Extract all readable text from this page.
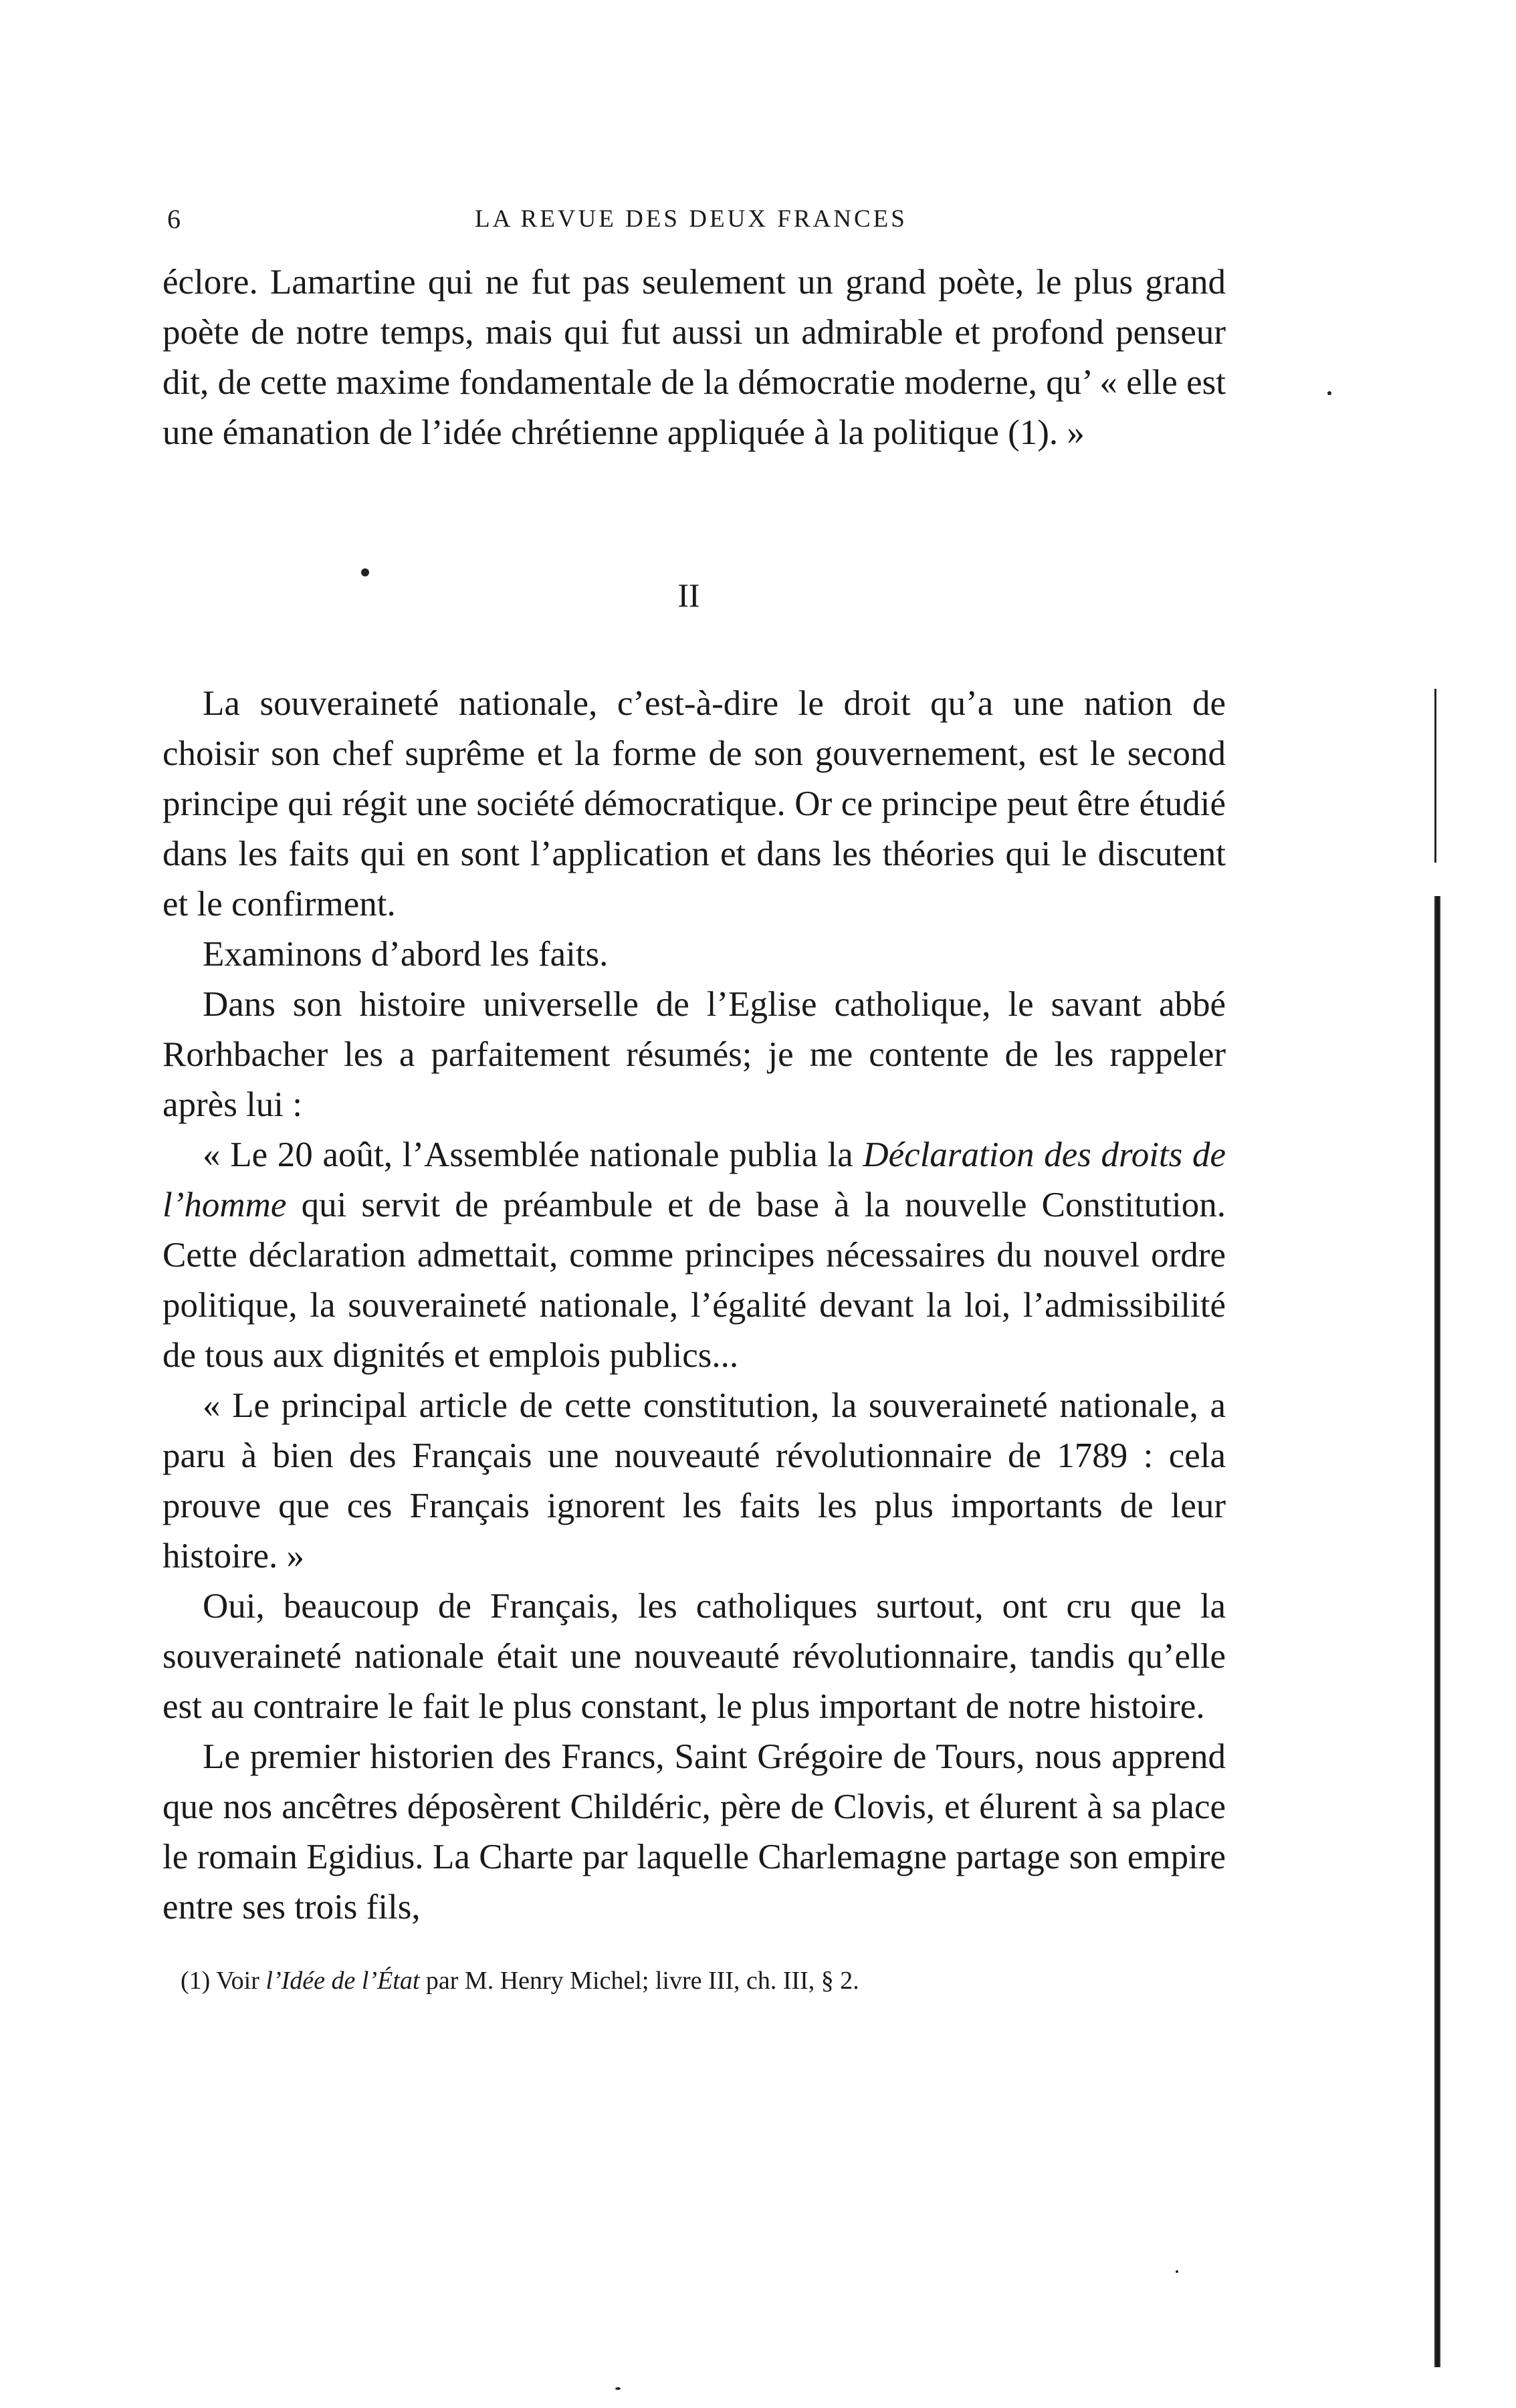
6	LA REVUE DES DEUX FRANCES

éclore. Lamartine qui ne fut pas seulement un grand poète, le plus grand poète de notre temps, mais qui fut aussi un admirable et profond penseur dit, de cette maxime fondamentale de la démocratie moderne, qu’ « elle est une émanation de l’idée chrétienne appliquée à la politique (1). »

II

La souveraineté nationale, c’est-à-dire le droit qu’a une nation de choisir son chef suprême et la forme de son gouvernement, est le second principe qui régit une société démocratique. Or ce principe peut être étudié dans les faits qui en sont l’application et dans les théories qui le discutent et le confirment.

Examinons d’abord les faits.

Dans son histoire universelle de l’Eglise catholique, le savant abbé Rorhbacher les a parfaitement résumés; je me contente de les rappeler après lui :

« Le 20 août, l’Assemblée nationale publia la Déclaration des droits de l’homme qui servit de préambule et de base à la nouvelle Constitution. Cette déclaration admettait, comme principes nécessaires du nouvel ordre politique, la souveraineté nationale, l’égalité devant la loi, l’admissibilité de tous aux dignités et emplois publics...

« Le principal article de cette constitution, la souveraineté nationale, a paru à bien des Français une nouveauté révolutionnaire de 1789 : cela prouve que ces Français ignorent les faits les plus importants de leur histoire. »

Oui, beaucoup de Français, les catholiques surtout, ont cru que la souveraineté nationale était une nouveauté révolutionnaire, tandis qu’elle est au contraire le fait le plus constant, le plus important de notre histoire.

Le premier historien des Francs, Saint Grégoire de Tours, nous apprend que nos ancêtres déposèrent Childéric, père de Clovis, et élurent à sa place le romain Egidius. La Charte par laquelle Charlemagne partage son empire entre ses trois fils,

(1) Voir l’Idée de l’État par M. Henry Michel; livre III, ch. III, § 2.
